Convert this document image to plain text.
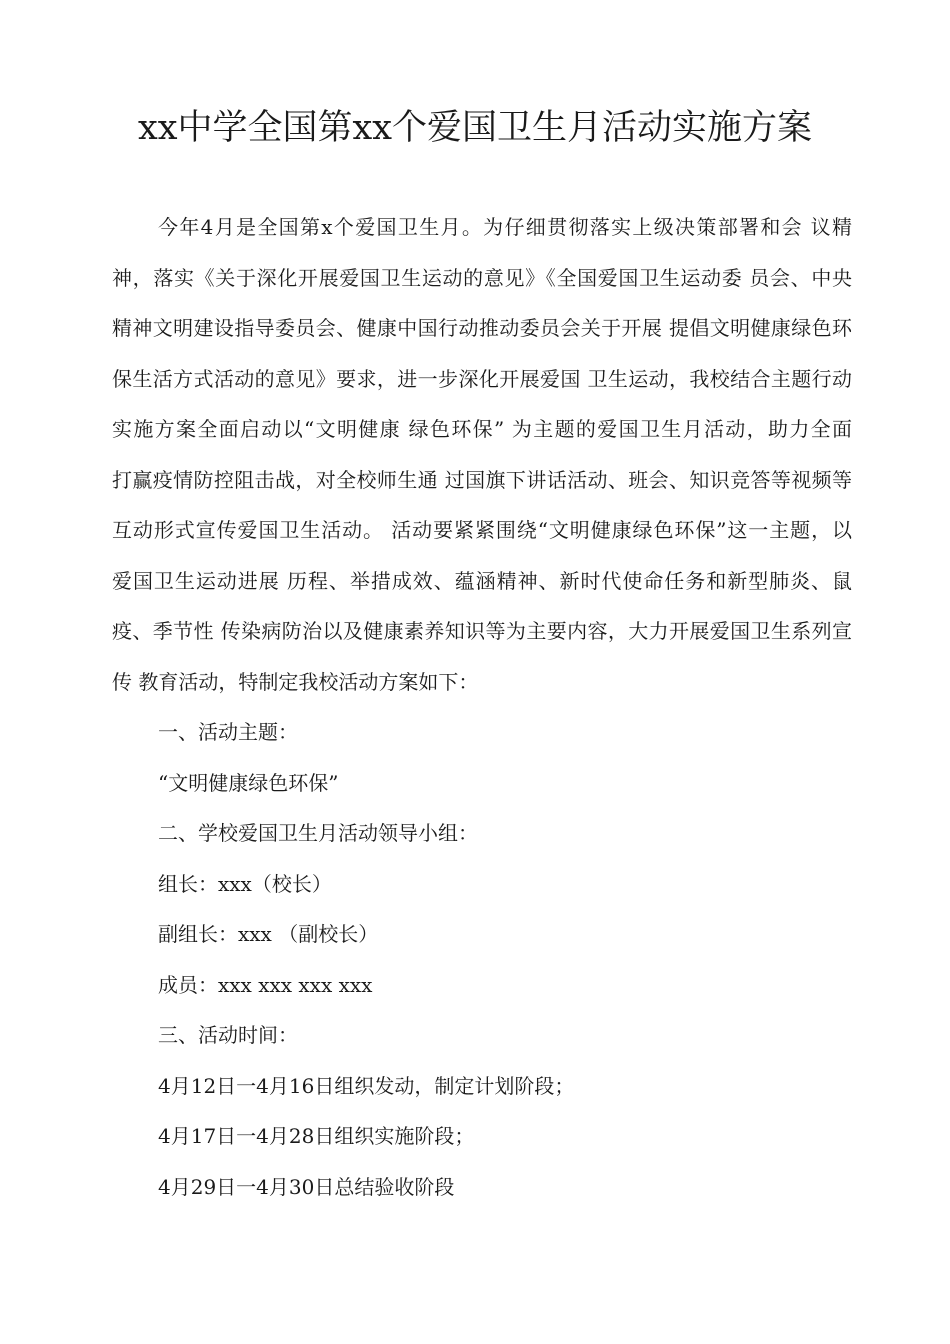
xx中学全国第xx个爱国卫生月活动实施方案

今年4月是全国第x个爱国卫生月。为仔细贯彻落实上级决策部署和会 议精

神，落实《关于深化开展爱国卫生运动的意见》《全国爱国卫生运动委 员会、中央

精神文明建设指导委员会、健康中国行动推动委员会关于开展 提倡文明健康绿色环

保生活方式活动的意见》要求，进一步深化开展爱国 卫生运动，我校结合主题行动

实施方案全面启动以“文明健康 绿色环保” 为主题的爱国卫生月活动，助力全面

打赢疫情防控阻击战，对全校师生通 过国旗下讲话活动、班会、知识竞答等视频等

互动形式宣传爱国卫生活动。 活动要紧紧围绕“文明健康绿色环保”这一主题，以

爱国卫生运动进展 历程、举措成效、蕴涵精神、新时代使命任务和新型肺炎、鼠

疫、季节性 传染病防治以及健康素养知识等为主要内容，大力开展爱国卫生系列宣

传 教育活动，特制定我校活动方案如下：

一、活动主题：

“文明健康绿色环保”

二、学校爱国卫生月活动领导小组：

组长：xxx（校长）

副组长：xxx （副校长）

成员：xxx xxx xxx xxx

三、活动时间：

4月12日一4月16日组织发动，制定计划阶段；

4月17日一4月28日组织实施阶段；

4月29日一4月30日总结验收阶段
